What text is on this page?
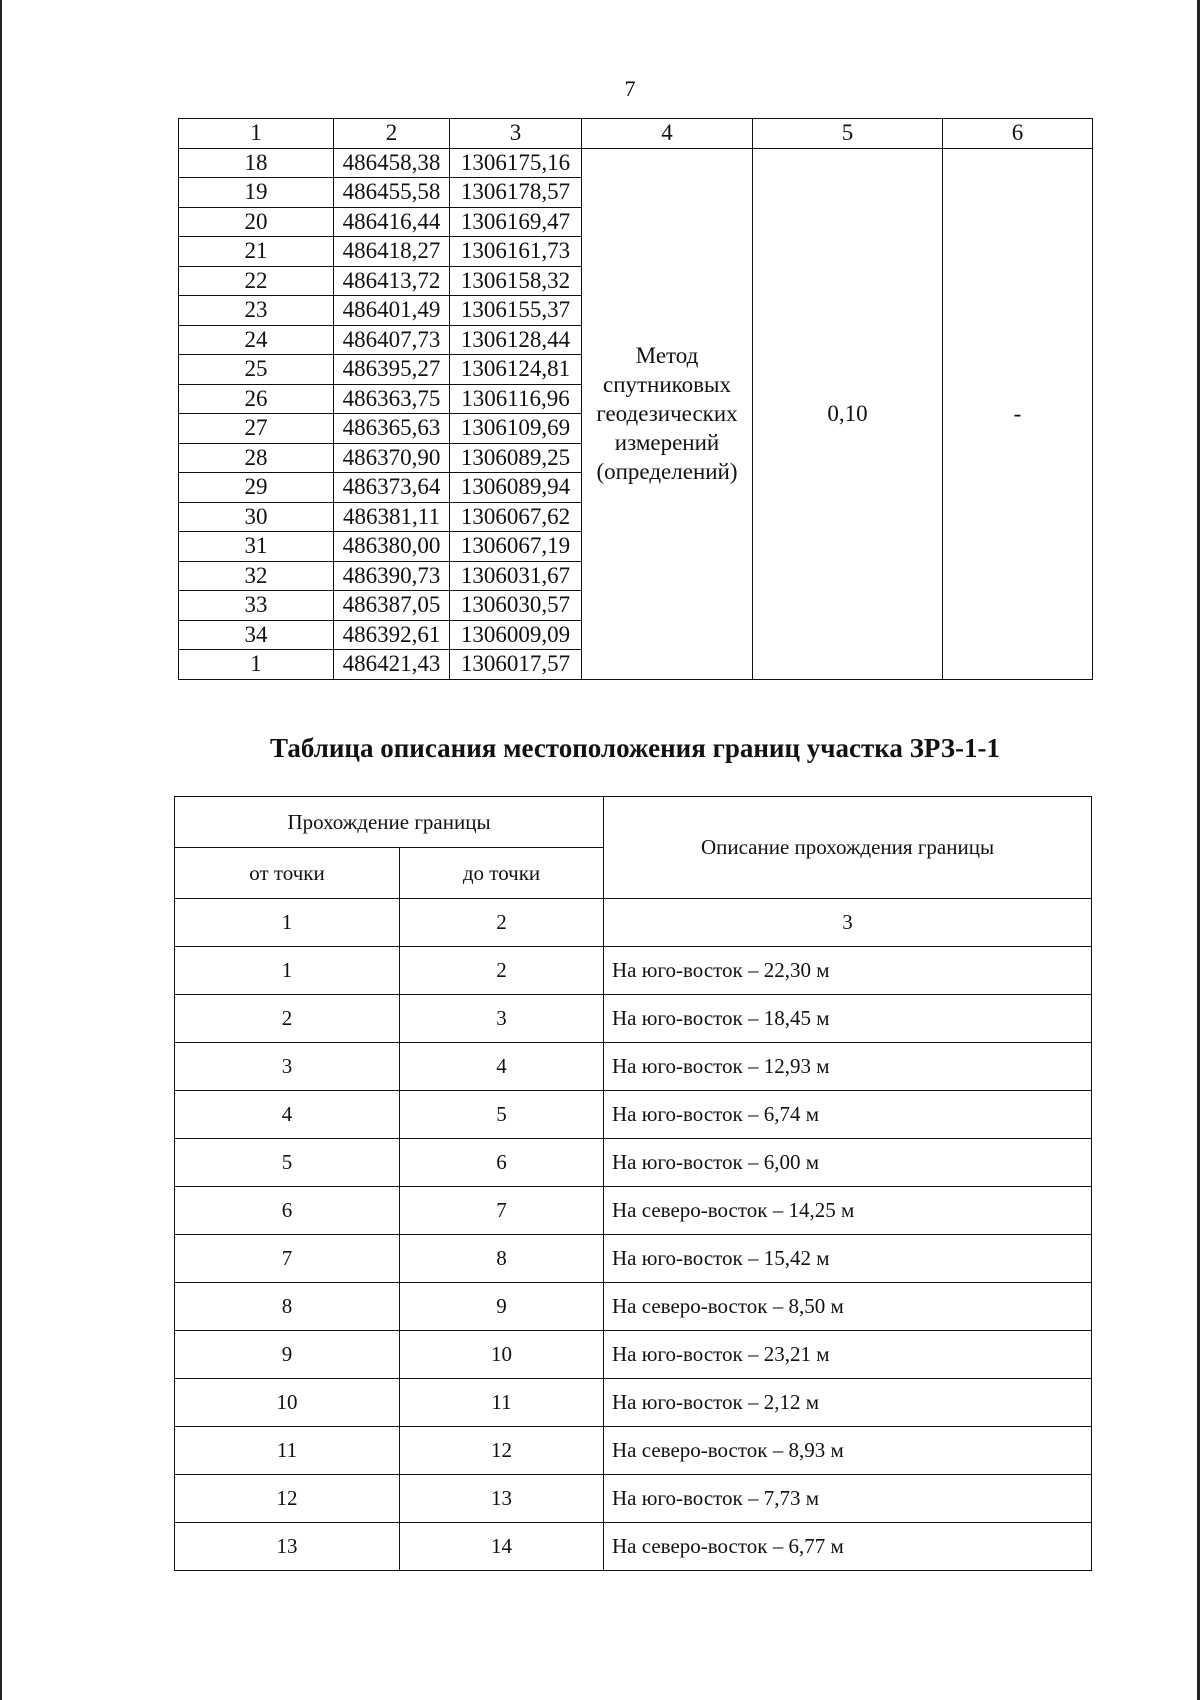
7
1	2	3	4	5	6
18	486458,38	1306175,16	Метод
спутниковых
геодезических
измерений
(определений)	0,10	-
19	486455,58	1306178,57			
20	486416,44	1306169,47			
21	486418,27	1306161,73			
22	486413,72	1306158,32			
23	486401,49	1306155,37			
24	486407,73	1306128,44			
25	486395,27	1306124,81			
26	486363,75	1306116,96			
27	486365,63	1306109,69			
28	486370,90	1306089,25			
29	486373,64	1306089,94			
30	486381,11	1306067,62			
31	486380,00	1306067,19			
32	486390,73	1306031,67			
33	486387,05	1306030,57			
34	486392,61	1306009,09			
1	486421,43	1306017,57			
Таблица описания местоположения границ участка ЗРЗ-1-1
Прохождение границы		Описание прохождения границы
от точки	до точки	
1	2	3
1	2	На юго-восток – 22,30 м
2	3	На юго-восток – 18,45 м
3	4	На юго-восток – 12,93 м
4	5	На юго-восток – 6,74 м
5	6	На юго-восток – 6,00 м
6	7	На северо-восток – 14,25 м
7	8	На юго-восток – 15,42 м
8	9	На северо-восток – 8,50 м
9	10	На юго-восток – 23,21 м
10	11	На юго-восток – 2,12 м
11	12	На северо-восток – 8,93 м
12	13	На юго-восток – 7,73 м
13	14	На северо-восток – 6,77 м
